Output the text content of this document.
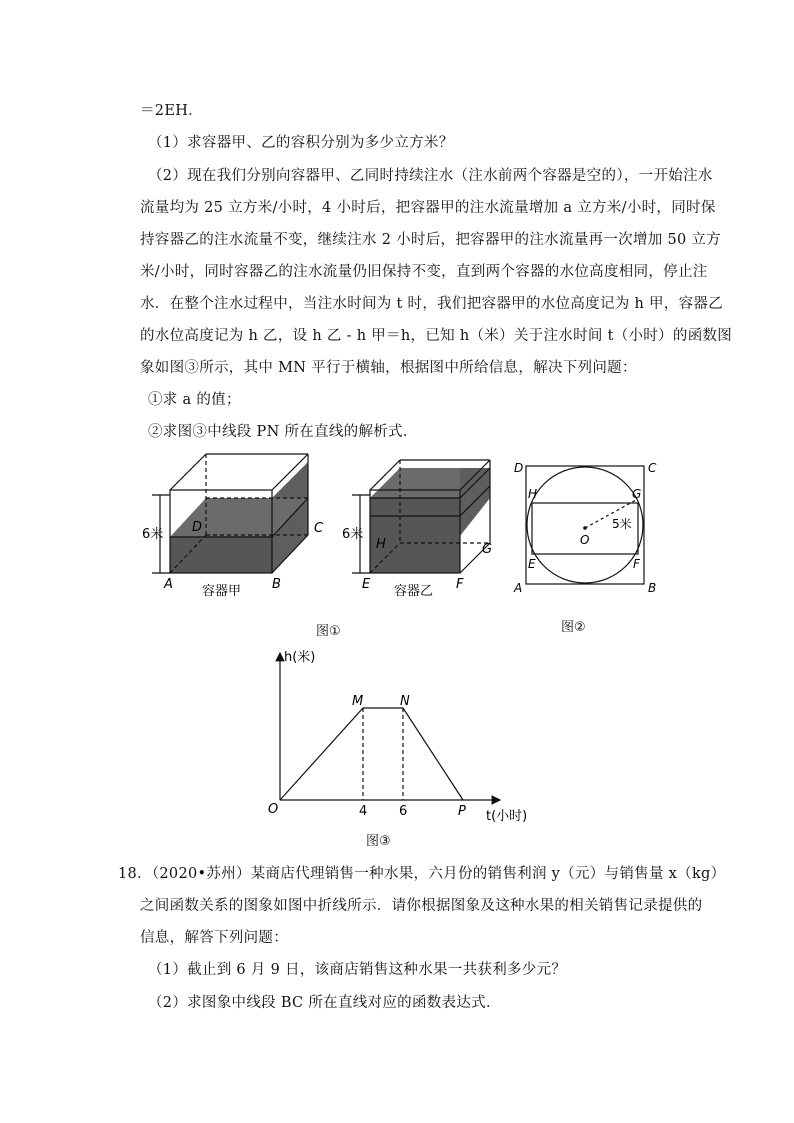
＝2EH．
（1）求容器甲、乙的容积分别为多少立方米？
（2）现在我们分别向容器甲、乙同时持续注水（注水前两个容器是空的），一开始注水
流量均为 25 立方米/小时，4 小时后，把容器甲的注水流量增加 a 立方米/小时，同时保
持容器乙的注水流量不变，继续注水 2 小时后，把容器甲的注水流量再一次增加 50 立方
米/小时，同时容器乙的注水流量仍旧保持不变，直到两个容器的水位高度相同，停止注
水．在整个注水过程中，当注水时间为 t 时，我们把容器甲的水位高度记为 h 甲，容器乙
的水位高度记为 h 乙，设 h 乙 - h 甲＝h，已知 h（米）关于注水时间 t（小时）的函数图
象如图③所示，其中 MN 平行于横轴，根据图中所给信息，解决下列问题：
①求 a 的值；
②求图③中线段 PN 所在直线的解析式．
6米 D	C
A	B
容器甲
6米
H	G
E	F
容器乙
图①
D	C
H	G
5米
O
E	F
A	B
图②
h(米)
M	N
O	4 6	P t(小时)
图③
18．（2020•苏州）某商店代理销售一种水果，六月份的销售利润 y（元）与销售量 x（kg）
之间函数关系的图象如图中折线所示．请你根据图象及这种水果的相关销售记录提供的
信息，解答下列问题：
（1）截止到 6 月 9 日，该商店销售这种水果一共获利多少元？
（2）求图象中线段 BC 所在直线对应的函数表达式．
